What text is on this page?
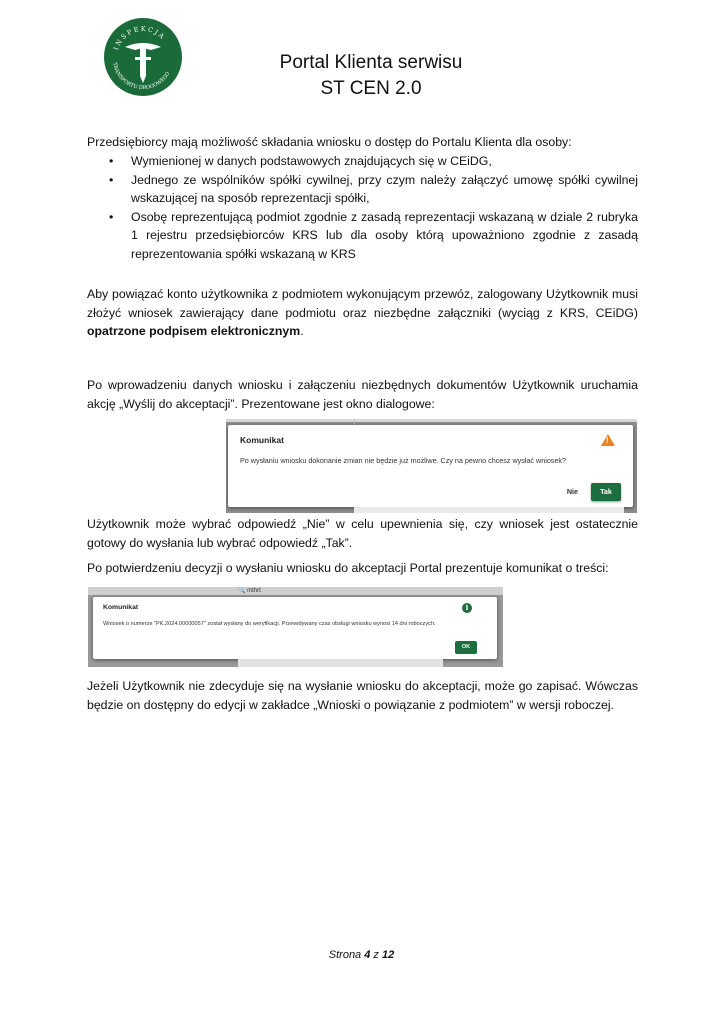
INSPEKCJA
TRANSPORTU DROGOWEGO
Portal Klienta serwisu
ST CEN 2.0
Przedsiębiorcy mają możliwość składania wniosku o dostęp do Portalu Klienta dla osoby:
• Wymienionej w danych podstawowych znajdujących się w CEiDG,
• Jednego ze wspólników spółki cywilnej, przy czym należy załączyć umowę spółki cywilnej wskazującej na sposób reprezentacji spółki,
• Osobę reprezentującą podmiot zgodnie z zasadą reprezentacji wskazaną w dziale 2 rubryka 1 rejestru przedsiębiorców KRS lub dla osoby którą upoważniono zgodnie z zasadą reprezentowania spółki wskazaną w KRS
Aby powiązać konto użytkownika z podmiotem wykonującym przewóz, zalogowany Użytkownik musi złożyć wniosek zawierający dane podmiotu oraz niezbędne załączniki (wyciąg z KRS, CEiDG) opatrzone podpisem elektronicznym.
Po wprowadzeniu danych wniosku i załączeniu niezbędnych dokumentów Użytkownik uruchamia akcję „Wyślij do akceptacji”. Prezentowane jest okno dialogowe:
Komunikat	!
Po wysłaniu wniosku dokonanie zmian nie będzie już możliwe. Czy na pewno chcesz wysłać wniosek?
Nie	Tak
Użytkownik może wybrać odpowiedź „Nie” w celu upewnienia się, czy wniosek jest ostatecznie gotowy do wysłania lub wybrać odpowiedź „Tak”.
Po potwierdzeniu decyzji o wysłaniu wniosku do akceptacji Portal prezentuje komunikat o treści:
🔍 mthrt
Komunikat	i
Wniosek o numerze "PK.2024.00000057" został wysłany do weryfikacji. Przewidywany czas obsługi wniosku wynosi 14 dni roboczych.
OK
Jeżeli Użytkownik nie zdecyduje się na wysłanie wniosku do akceptacji, może go zapisać. Wówczas będzie on dostępny do edycji w zakładce „Wnioski o powiązanie z podmiotem” w wersji roboczej.
Strona 4 z 12
